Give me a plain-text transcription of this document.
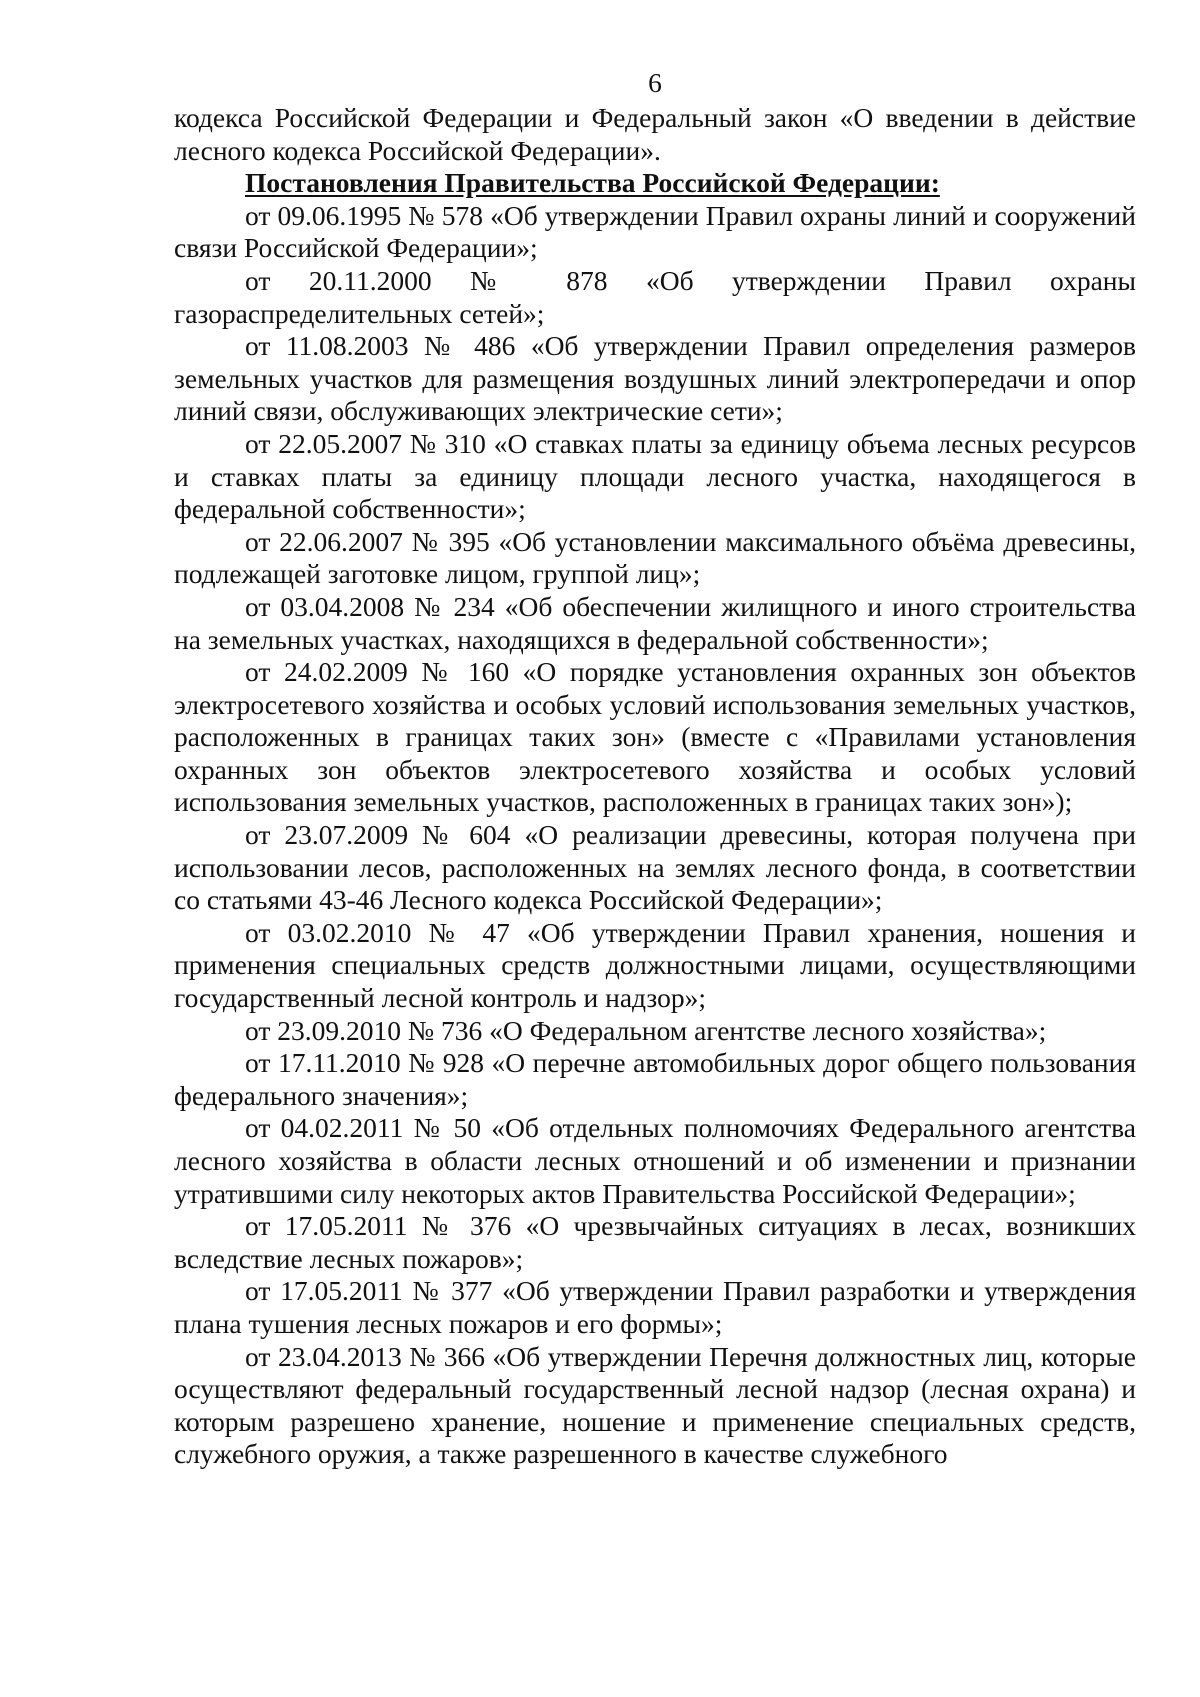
6

кодекса Российской Федерации и Федеральный закон «О введении в действие лесного кодекса Российской Федерации».

Постановления Правительства Российской Федерации:

от 09.06.1995 № 578 «Об утверждении Правил охраны линий и сооружений связи Российской Федерации»;

от 20.11.2000 № 878 «Об утверждении Правил охраны газораспределительных сетей»;

от 11.08.2003 № 486 «Об утверждении Правил определения размеров земельных участков для размещения воздушных линий электропередачи и опор линий связи, обслуживающих электрические сети»;

от 22.05.2007 № 310 «О ставках платы за единицу объема лесных ресурсов и ставках платы за единицу площади лесного участка, находящегося в федеральной собственности»;

от 22.06.2007 № 395 «Об установлении максимального объёма древесины, подлежащей заготовке лицом, группой лиц»;

от 03.04.2008 № 234 «Об обеспечении жилищного и иного строительства на земельных участках, находящихся в федеральной собственности»;

от 24.02.2009 № 160 «О порядке установления охранных зон объектов электросетевого хозяйства и особых условий использования земельных участков, расположенных в границах таких зон» (вместе с «Правилами установления охранных зон объектов электросетевого хозяйства и особых условий использования земельных участков, расположенных в границах таких зон»);

от 23.07.2009 № 604 «О реализации древесины, которая получена при использовании лесов, расположенных на землях лесного фонда, в соответствии со статьями 43-46 Лесного кодекса Российской Федерации»;

от 03.02.2010 № 47 «Об утверждении Правил хранения, ношения и применения специальных средств должностными лицами, осуществляющими государственный лесной контроль и надзор»;

от 23.09.2010 № 736 «О Федеральном агентстве лесного хозяйства»;

от 17.11.2010 № 928 «О перечне автомобильных дорог общего пользования федерального значения»;

от 04.02.2011 № 50 «Об отдельных полномочиях Федерального агентства лесного хозяйства в области лесных отношений и об изменении и признании утратившими силу некоторых актов Правительства Российской Федерации»;

от 17.05.2011 № 376 «О чрезвычайных ситуациях в лесах, возникших вследствие лесных пожаров»;

от 17.05.2011 № 377 «Об утверждении Правил разработки и утверждения плана тушения лесных пожаров и его формы»;

от 23.04.2013 № 366 «Об утверждении Перечня должностных лиц, которые осуществляют федеральный государственный лесной надзор (лесная охрана) и которым разрешено хранение, ношение и применение специальных средств, служебного оружия, а также разрешенного в качестве служебного
